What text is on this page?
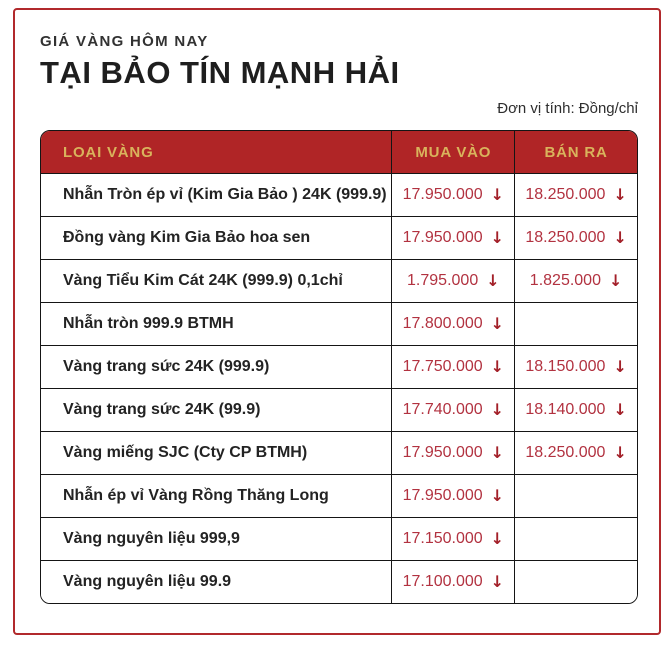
GIÁ VÀNG HÔM NAY
TẠI BẢO TÍN MẠNH HẢI
Đơn vị tính: Đồng/chỉ
LOẠI VÀNG	MUA VÀO	BÁN RA
Nhẫn Tròn ép vỉ (Kim Gia Bảo ) 24K (999.9) 17.950.000 ↓ 18.250.000 ↓
Đồng vàng Kim Gia Bảo hoa sen	17.950.000 ↓ 18.250.000 ↓
Vàng Tiểu Kim Cát 24K (999.9) 0,1chỉ	1.795.000 ↓ 1.825.000 ↓
Nhẫn tròn 999.9 BTMH	17.800.000 ↓
Vàng trang sức 24K (999.9)	17.750.000 ↓ 18.150.000 ↓
Vàng trang sức 24K (99.9)	17.740.000 ↓ 18.140.000 ↓
Vàng miếng SJC (Cty CP BTMH)	17.950.000 ↓ 18.250.000 ↓
Nhẫn ép vỉ Vàng Rồng Thăng Long	17.950.000 ↓
Vàng nguyên liệu 999,9	17.150.000 ↓
Vàng nguyên liệu 99.9	17.100.000 ↓
